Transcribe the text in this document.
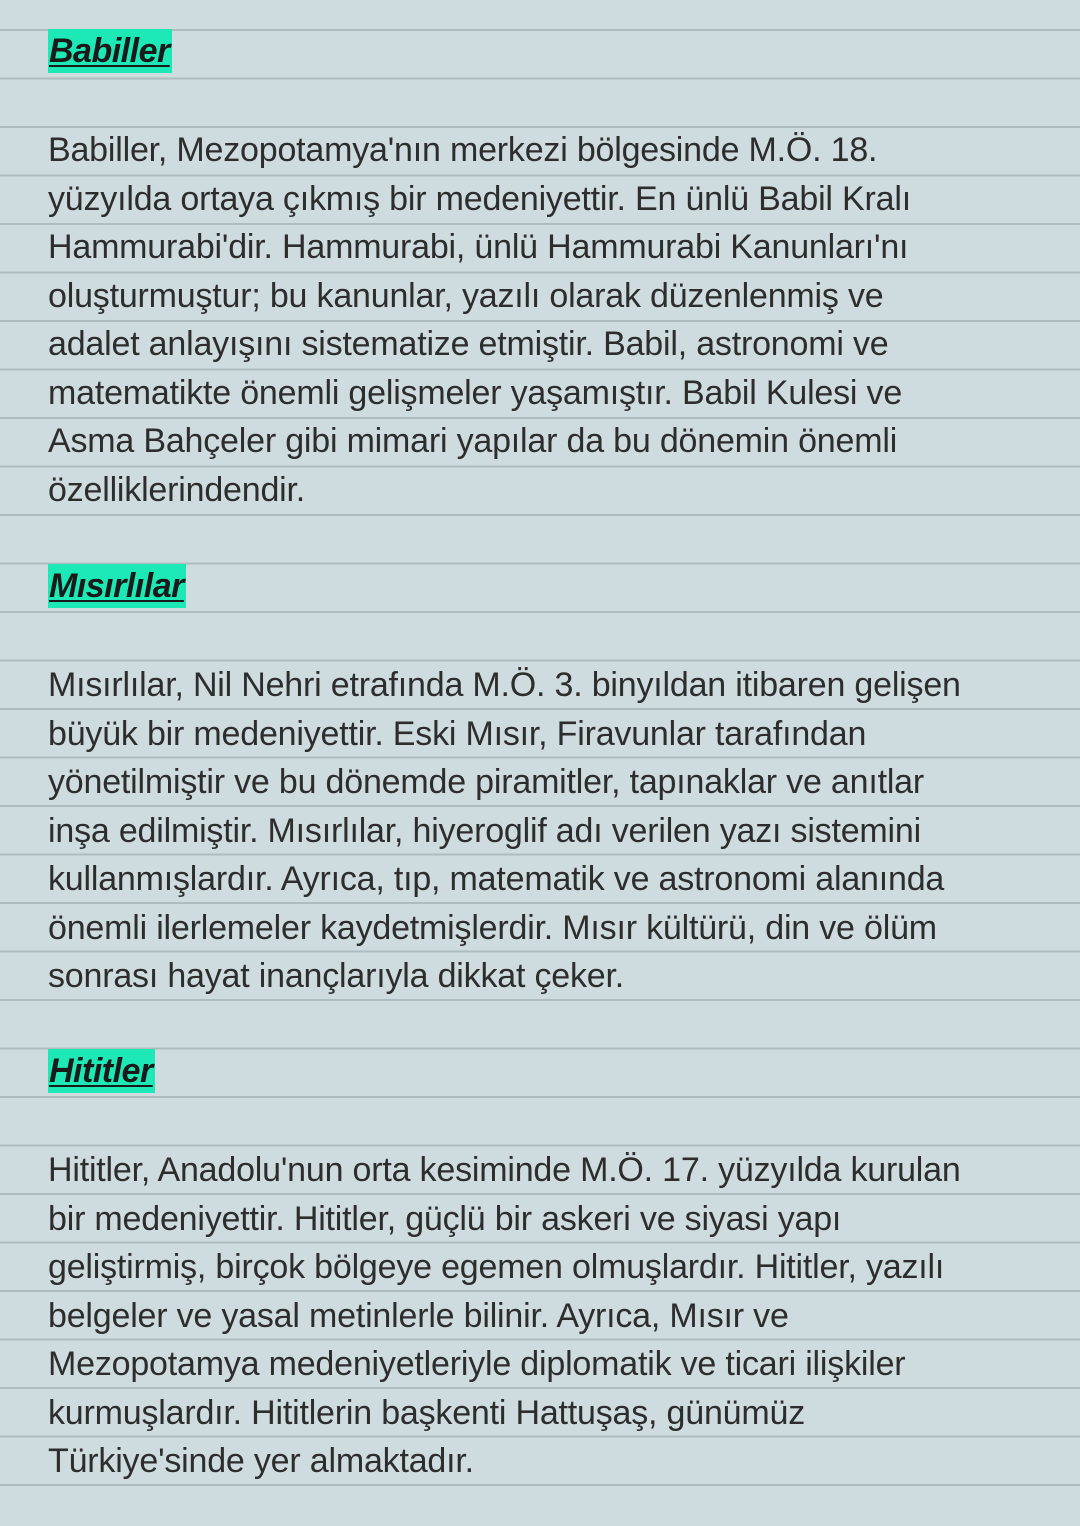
Babiller

Babiller, Mezopotamya'nın merkezi bölgesinde M.Ö. 18.
yüzyılda ortaya çıkmış bir medeniyettir. En ünlü Babil Kralı
Hammurabi'dir. Hammurabi, ünlü Hammurabi Kanunları'nı
oluşturmuştur; bu kanunlar, yazılı olarak düzenlenmiş ve
adalet anlayışını sistematize etmiştir. Babil, astronomi ve
matematikte önemli gelişmeler yaşamıştır. Babil Kulesi ve
Asma Bahçeler gibi mimari yapılar da bu dönemin önemli
özelliklerindendir.

Mısırlılar

Mısırlılar, Nil Nehri etrafında M.Ö. 3. binyıldan itibaren gelişen
büyük bir medeniyettir. Eski Mısır, Firavunlar tarafından
yönetilmiştir ve bu dönemde piramitler, tapınaklar ve anıtlar
inşa edilmiştir. Mısırlılar, hiyeroglif adı verilen yazı sistemini
kullanmışlardır. Ayrıca, tıp, matematik ve astronomi alanında
önemli ilerlemeler kaydetmişlerdir. Mısır kültürü, din ve ölüm
sonrası hayat inançlarıyla dikkat çeker.

Hititler

Hititler, Anadolu'nun orta kesiminde M.Ö. 17. yüzyılda kurulan
bir medeniyettir. Hititler, güçlü bir askeri ve siyasi yapı
geliştirmiş, birçok bölgeye egemen olmuşlardır. Hititler, yazılı
belgeler ve yasal metinlerle bilinir. Ayrıca, Mısır ve
Mezopotamya medeniyetleriyle diplomatik ve ticari ilişkiler
kurmuşlardır. Hititlerin başkenti Hattuşaş, günümüz
Türkiye'sinde yer almaktadır.
